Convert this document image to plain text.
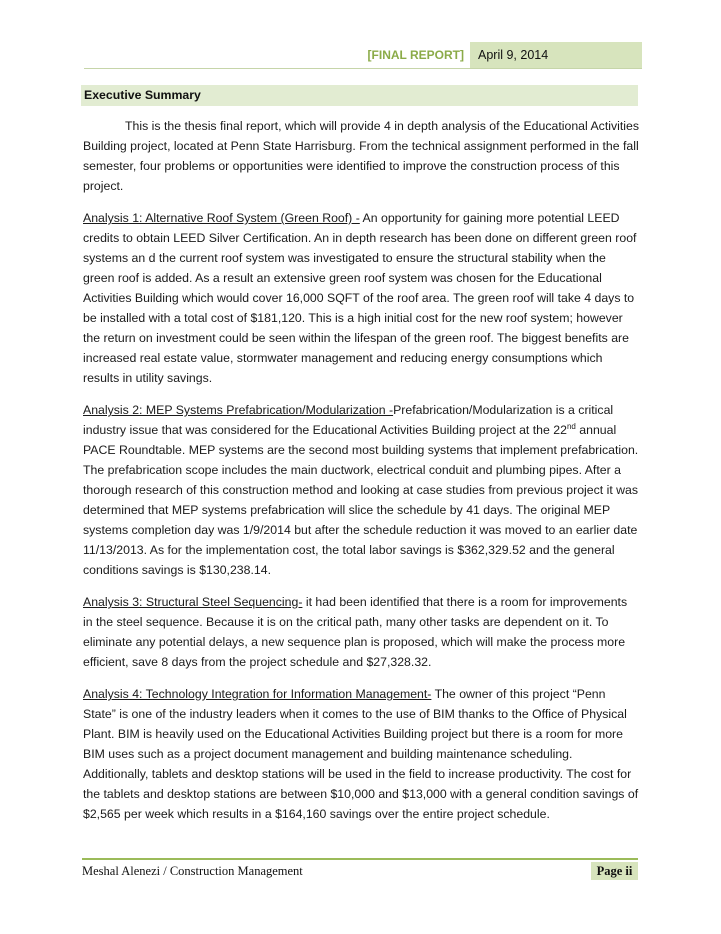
[FINAL REPORT]	April 9, 2014
Executive Summary

This is the thesis final report, which will provide 4 in depth analysis of the Educational Activities Building project, located at Penn State Harrisburg. From the technical assignment performed in the fall semester, four problems or opportunities were identified to improve the construction process of this project.

Analysis 1: Alternative Roof System (Green Roof) - An opportunity for gaining more potential LEED credits to obtain LEED Silver Certification. An in depth research has been done on different green roof systems an d the current roof system was investigated to ensure the structural stability when the green roof is added. As a result an extensive green roof system was chosen for the Educational Activities Building which would cover 16,000 SQFT of the roof area. The green roof will take 4 days to be installed with a total cost of $181,120. This is a high initial cost for the new roof system; however the return on investment could be seen within the lifespan of the green roof. The biggest benefits are increased real estate value, stormwater management and reducing energy consumptions which results in utility savings.

Analysis 2: MEP Systems Prefabrication/Modularization -Prefabrication/Modularization is a critical industry issue that was considered for the Educational Activities Building project at the 22nd annual PACE Roundtable. MEP systems are the second most building systems that implement prefabrication. The prefabrication scope includes the main ductwork, electrical conduit and plumbing pipes. After a thorough research of this construction method and looking at case studies from previous project it was determined that MEP systems prefabrication will slice the schedule by 41 days. The original MEP systems completion day was 1/9/2014 but after the schedule reduction it was moved to an earlier date 11/13/2013. As for the implementation cost, the total labor savings is $362,329.52 and the general conditions savings is $130,238.14.

Analysis 3: Structural Steel Sequencing- it had been identified that there is a room for improvements in the steel sequence. Because it is on the critical path, many other tasks are dependent on it. To eliminate any potential delays, a new sequence plan is proposed, which will make the process more efficient, save 8 days from the project schedule and $27,328.32.

Analysis 4: Technology Integration for Information Management- The owner of this project “Penn State” is one of the industry leaders when it comes to the use of BIM thanks to the Office of Physical Plant. BIM is heavily used on the Educational Activities Building project but there is a room for more BIM uses such as a project document management and building maintenance scheduling. Additionally, tablets and desktop stations will be used in the field to increase productivity. The cost for the tablets and desktop stations are between $10,000 and $13,000 with a general condition savings of $2,565 per week which results in a $164,160 savings over the entire project schedule.

Meshal Alenezi / Construction Management	Page ii
